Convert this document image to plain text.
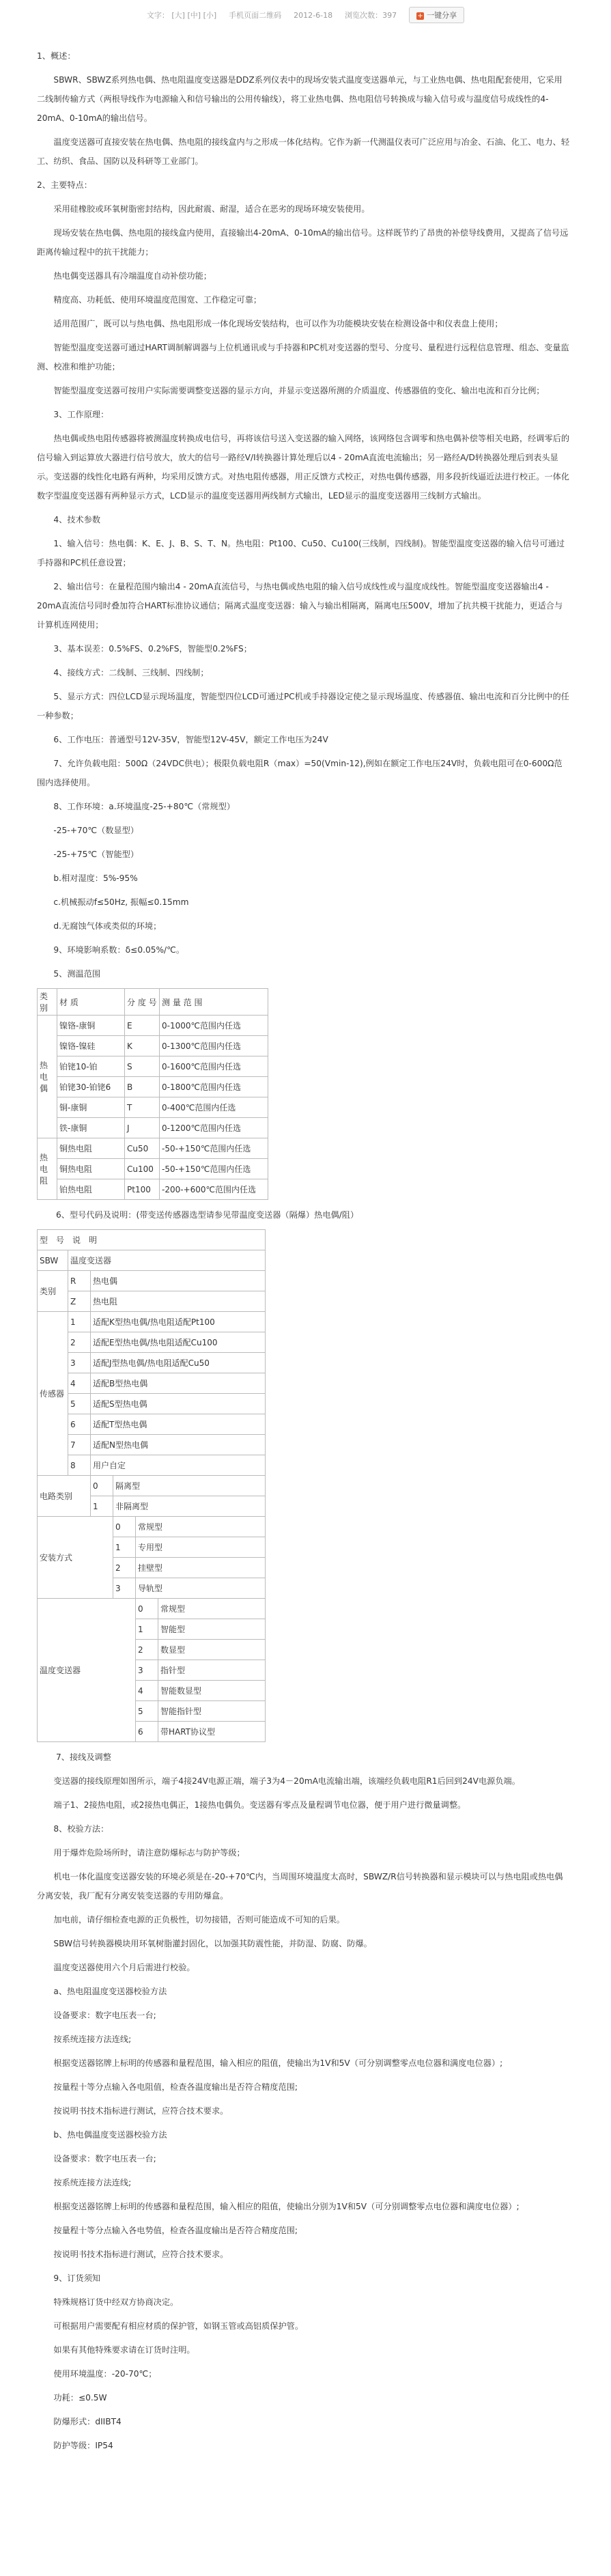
文字： [大] [中] [小] 手机页面二维码 2012-6-18 浏览次数：397	+ 一键分享

1、概述：

SBWR、SBWZ系列热电偶、热电阻温度变送器是DDZ系列仪表中的现场安装式温度变送器单元，与工业热电偶、热电阻配套使用，它采用二线制传输方式（两根导线作为电源输入和信号输出的公用传输线），将工业热电偶、热电阻信号转换成与输入信号或与温度信号成线性的4-20mA、0-10mA的输出信号。

温度变送器可直接安装在热电偶、热电阻的接线盒内与之形成一体化结构。它作为新一代测温仪表可广泛应用与冶金、石油、化工、电力、轻工、纺织、食品、国防以及科研等工业部门。

2、主要特点：

采用硅橡胶或环氧树脂密封结构，因此耐震、耐湿，适合在恶劣的现场环境安装使用。

现场安装在热电偶、热电阻的接线盒内使用，直接输出4-20mA、0-10mA的输出信号。这样既节约了昂贵的补偿导线费用，又提高了信号远距离传输过程中的抗干扰能力；

热电偶变送器具有冷端温度自动补偿功能；

精度高、功耗低、使用环境温度范围宽、工作稳定可靠；

适用范围广，既可以与热电偶、热电阻形成一体化现场安装结构，也可以作为功能模块安装在检测设备中和仪表盘上使用；

智能型温度变送器可通过HART调制解调器与上位机通讯或与手持器和PC机对变送器的型号、分度号、量程进行远程信息管理、组态、变量监测、校准和维护功能；

智能型温度变送器可按用户实际需要调整变送器的显示方向，并显示变送器所测的介质温度、传感器值的变化、输出电流和百分比例；

3、工作原理：

热电偶或热电阻传感器将被测温度转换成电信号，再将该信号送入变送器的输入网络，该网络包含调零和热电偶补偿等相关电路，经调零后的信号输入到运算放大器进行信号放大，放大的信号一路经V/I转换器计算处理后以4 - 20mA直流电流输出；另一路经A/D转换器处理后到表头显示。变送器的线性化电路有两种，均采用反馈方式。对热电阻传感器，用正反馈方式校正，对热电偶传感器，用多段折线逼近法进行校正。一体化数字型温度变送器有两种显示方式，LCD显示的温度变送器用两线制方式输出，LED显示的温度变送器用三线制方式输出。

4、技术参数

1、输入信号：热电偶：K、E、J、B、S、T、N。热电阻：Pt100、Cu50、Cu100(三线制，四线制)。智能型温度变送器的输入信号可通过手持器和PC机任意设置；

2、输出信号：在量程范围内输出4 - 20mA直流信号，与热电偶或热电阻的输入信号成线性或与温度成线性。智能型温度变送器输出4 - 20mA直流信号同时叠加符合HART标准协议通信；隔离式温度变送器：输入与输出相隔离，隔离电压500V，增加了抗共模干扰能力，更适合与计算机连网使用；

3、基本误差：0.5%FS、0.2%FS，智能型0.2%FS；

4、接线方式：二线制、三线制、四线制；

5、显示方式：四位LCD显示现场温度，智能型四位LCD可通过PC机或手持器设定使之显示现场温度、传感器值、输出电流和百分比例中的任一种参数；

6、工作电压：普通型号12V-35V，智能型12V-45V，额定工作电压为24V

7、允许负载电阻：500Ω（24VDC供电）；极限负载电阻R（max）=50(Vmin-12),例如在额定工作电压24V时，负载电阻可在0-600Ω范围内选择使用。

8、工作环境：a.环境温度-25-+80℃（常规型）

-25-+70℃（数显型）

-25-+75℃（智能型）

b.相对湿度：5%-95%

c.机械振动f≤50Hz, 振幅≤0.15mm

d.无腐蚀气体或类似的环境；

9、环境影响系数：δ≤0.05%/℃。

5、测温范围

类 别	材 质	分 度 号	测 量 范 围
热电偶	镍铬-康铜	E	0-1000℃范围内任选
	镍铬-镍硅	K	0-1300℃范围内任选
	铂铑10-铂	S	0-1600℃范围内任选
	铂铑30-铂铑6	B	0-1800℃范围内任选
	铜-康铜	T	0-400℃范围内任选
	铁-康铜	J	0-1200℃范围内任选
热电阻	铜热电阻	Cu50	-50-+150℃范围内任选
	铜热电阻	Cu100	-50-+150℃范围内任选
	铂热电阻	Pt100	-200-+600℃范围内任选

6、型号代码及说明：(带变送传感器选型请参见带温度变送器（隔爆）热电偶/阻）

型　号　说　明					
SBW	温度变送器				
类别	R	热电偶			
	Z	热电阻			
传感器	1	适配K型热电偶/热电阻适配Pt100			
	2	适配E型热电偶/热电阻适配Cu100			
	3	适配J型热电偶/热电阻适配Cu50			
	4	适配B型热电偶			
	5	适配S型热电偶			
	6	适配T型热电偶			
	7	适配N型热电偶			
	8	用户自定			
电路类别		0	隔离型		
		1	非隔离型		
安装方式			0	常规型	
			1	专用型	
			2	挂壁型	
			3	导轨型	
温度变送器				0	常规型
				1	智能型
				2	数显型
				3	指针型
				4	智能数显型
				5	智能指针型
				6	带HART协议型

7、接线及调整

变送器的接线原理如图所示，端子4接24V电源正端，端子3为4－20mA电流输出端，该端经负载电阻R1后回到24V电源负端。

端子1、2接热电阻，或2接热电偶正，1接热电偶负。变送器有零点及量程调节电位器，便于用户进行微量调整。

8、校验方法：

用于爆炸危险场所时，请注意防爆标志与防护等级；

机电一体化温度变送器安装的环境必须是在-20-+70℃内，当周围环境温度太高时，SBWZ/R信号转换器和显示模块可以与热电阻或热电偶分离安装，我厂配有分离安装变送器的专用防爆盒。

加电前，请仔细检查电源的正负极性，切勿接错，否则可能造成不可知的后果。

SBW信号转换器模块用环氧树脂灌封固化，以加强其防震性能，并防湿、防腐、防爆。

温度变送器使用六个月后需进行校验。

a、热电阻温度变送器校验方法

设备要求：数字电压表一台;

按系统连接方法连线;

根据变送器铭牌上标明的传感器和量程范围，输入相应的阻值，使输出为1V和5V（可分别调整零点电位器和满度电位器）;

按量程十等分点输入各电阻值，检查各温度输出是否符合精度范围;

按说明书技术指标进行测试，应符合技术要求。

b、热电偶温度变送器校验方法

设备要求：数字电压表一台;

按系统连接方法连线;

根据变送器铭牌上标明的传感器和量程范围，输入相应的阻值，使输出分别为1V和5V（可分别调整零点电位器和满度电位器）;

按量程十等分点输入各电势值，检查各温度输出是否符合精度范围;

按说明书技术指标进行测试，应符合技术要求。

9、订货须知

特殊规格订货中经双方协商决定。

可根据用户需要配有相应材质的保护管，如钢玉管或高铝质保护管。

如果有其他特殊要求请在订货时注明。

使用环境温度：-20-70℃；

功耗：≤0.5W

防爆形式：dIIBT4

防护等级：IP54
